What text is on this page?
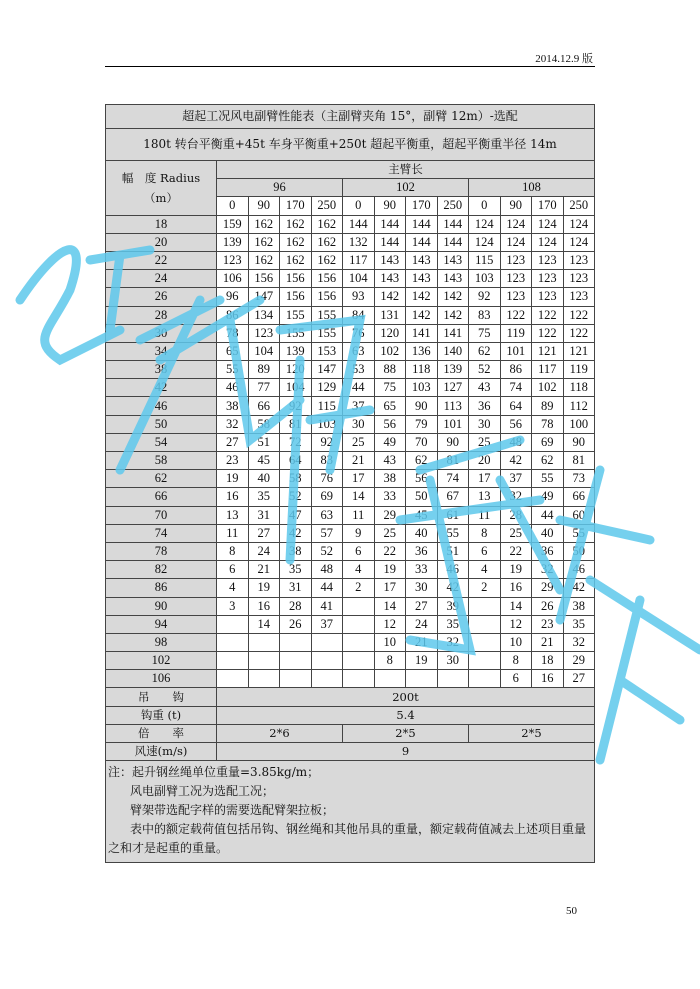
2014.12.9 版
超起工况风电副臂性能表（主副臂夹角 15°，副臂 12m）-选配												
180t 转台平衡重+45t 车身平衡重+250t 超起平衡重，超起平衡重半径 14m												
幅　度 Radius（m）	主臂长											
	96				102				108			
	0	90	170	250	0	90	170	250	0	90	170	250
18	159	162	162	162	144	144	144	144	124	124	124	124
20	139	162	162	162	132	144	144	144	124	124	124	124
22	123	162	162	162	117	143	143	143	115	123	123	123
24	106	156	156	156	104	143	143	143	103	123	123	123
26	96	147	156	156	93	142	142	142	92	123	123	123
28	86	134	155	155	84	131	142	142	83	122	122	122
30	78	123	155	155	76	120	141	141	75	119	122	122
34	65	104	139	153	63	102	136	140	62	101	121	121
38	55	89	120	147	53	88	118	139	52	86	117	119
42	46	77	104	129	44	75	103	127	43	74	102	118
46	38	66	92	115	37	65	90	113	36	64	89	112
50	32	58	81	103	30	56	79	101	30	56	78	100
54	27	51	72	92	25	49	70	90	25	48	69	90
58	23	45	64	83	21	43	62	81	20	42	62	81
62	19	40	58	76	17	38	56	74	17	37	55	73
66	16	35	52	69	14	33	50	67	13	32	49	66
70	13	31	47	63	11	29	45	61	11	28	44	60
74	11	27	42	57	9	25	40	55	8	25	40	55
78	8	24	38	52	6	22	36	51	6	22	36	50
82	6	21	35	48	4	19	33	46	4	19	32	46
86	4	19	31	44	2	17	30	42	2	16	29	42
90	3	16	28	41		14	27	39		14	26	38
94		14	26	37		12	24	35		12	23	35
98						10	21	32		10	21	32
102						8	19	30		8	18	29
106										6	16	27
吊　　钩	200t											
钩重 (t)	5.4											
倍　　率	2*6				2*5				2*5			
风速(m/s)	9											

注：起升钢丝绳单位重量=3.85kg/m；
风电副臂工况为选配工况；
臂架带选配字样的需要选配臂架拉板；
表中的额定载荷值包括吊钩、钢丝绳和其他吊具的重量，额定载荷值减去上述项目重量之和才是起重的重量。												
50
